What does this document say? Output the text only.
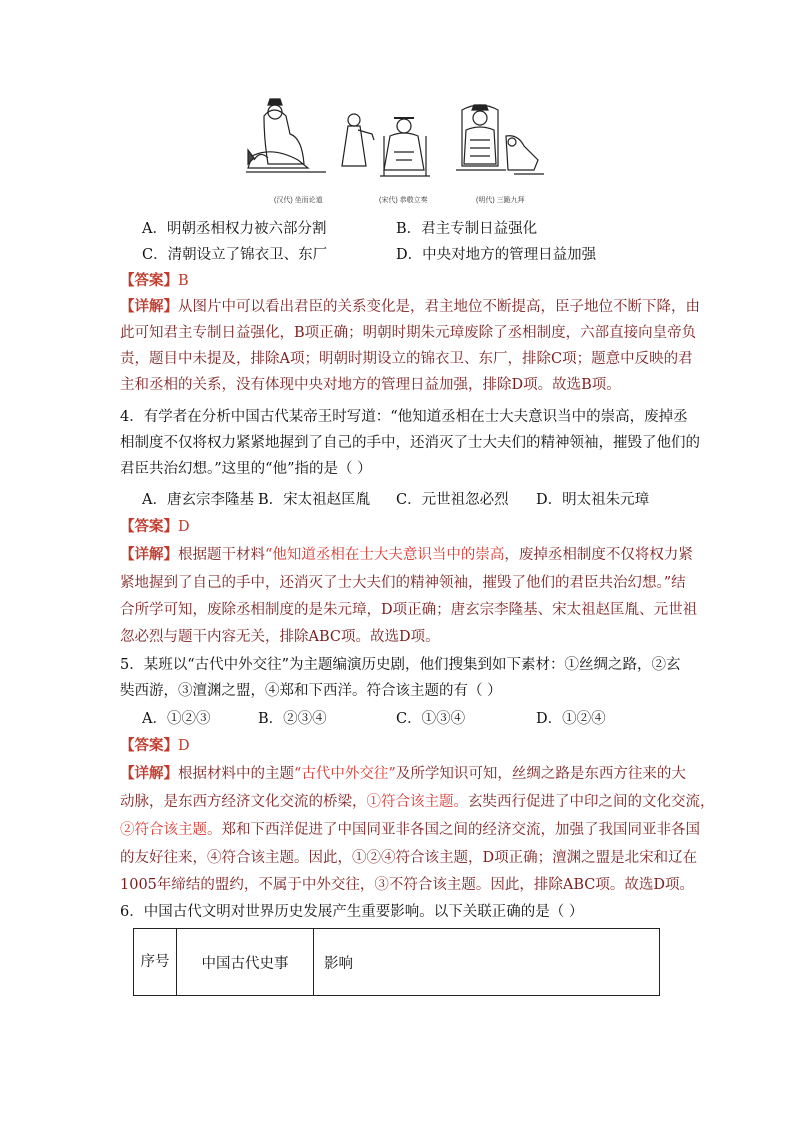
(汉代) 坐而论道	(宋代) 恭敬立奏	(明代) 三跪九拜
A．明朝丞相权力被六部分割	B．君主专制日益强化
C．清朝设立了锦衣卫、东厂	D．中央对地方的管理日益加强
【答案】B
【详解】从图片中可以看出君臣的关系变化是，君主地位不断提高，臣子地位不断下降，由
此可知君主专制日益强化，B项正确；明朝时期朱元璋废除了丞相制度，六部直接向皇帝负
责，题目中未提及，排除A项；明朝时期设立的锦衣卫、东厂，排除C项；题意中反映的君
主和丞相的关系，没有体现中央对地方的管理日益加强，排除D项。故选B项。
4．有学者在分析中国古代某帝王时写道：“他知道丞相在士大夫意识当中的崇高，废掉丞
相制度不仅将权力紧紧地握到了自己的手中，还消灭了士大夫们的精神领袖，摧毁了他们的
君臣共治幻想。”这里的“他”指的是（ ）
A．唐玄宗李隆基 B．宋太祖赵匡胤 C．元世祖忽必烈 D．明太祖朱元璋
【答案】D
【详解】根据题干材料“他知道丞相在士大夫意识当中的崇高，废掉丞相制度不仅将权力紧
紧地握到了自己的手中，还消灭了士大夫们的精神领袖，摧毁了他们的君臣共治幻想。”结
合所学可知，废除丞相制度的是朱元璋，D项正确；唐玄宗李隆基、宋太祖赵匡胤、元世祖
忽必烈与题干内容无关，排除ABC项。故选D项。
5．某班以“古代中外交往”为主题编演历史剧，他们搜集到如下素材：①丝绸之路，②玄
奘西游，③澶渊之盟，④郑和下西洋。符合该主题的有（ ）
A．①②③	B．②③④	C．①③④	D．①②④
【答案】D
【详解】根据材料中的主题“古代中外交往”及所学知识可知，丝绸之路是东西方往来的大
动脉，是东西方经济文化交流的桥梁，①符合该主题。玄奘西行促进了中印之间的文化交流，
②符合该主题。郑和下西洋促进了中国同亚非各国之间的经济交流，加强了我国同亚非各国
的友好往来，④符合该主题。因此，①②④符合该主题，D项正确；澶渊之盟是北宋和辽在
1005年缔结的盟约，不属于中外交往，③不符合该主题。因此，排除ABC项。故选D项。
6．中国古代文明对世界历史发展产生重要影响。以下关联正确的是（ ）
序号	中国古代史事	影响
